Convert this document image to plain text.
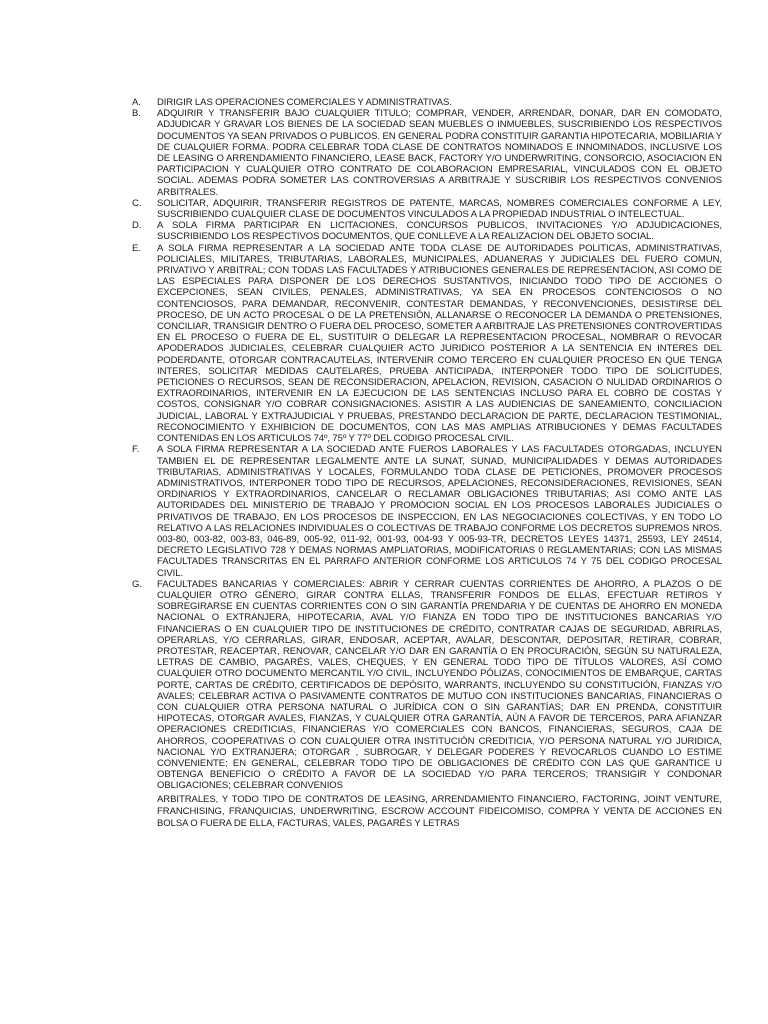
A. DIRIGIR LAS OPERACIONES COMERCIALES Y ADMINISTRATIVAS.
B. ADQUIRIR Y TRANSFERIR BAJO CUALQUIER TITULO; COMPRAR, VENDER, ARRENDAR, DONAR, DAR EN COMODATO, ADJUDICAR Y GRAVAR LOS BIENES DE LA SOCIEDAD SEAN MUEBLES O INMUEBLES, SUSCRIBIENDO LOS RESPECTIVOS DOCUMENTOS YA SEAN PRIVADOS O PUBLICOS. EN GENERAL PODRA CONSTITUIR GARANTIA HIPOTECARIA, MOBILIARIA Y DE CUALQUIER FORMA. PODRA CELEBRAR TODA CLASE DE CONTRATOS NOMINADOS E INNOMINADOS, INCLUSIVE LOS DE LEASING O ARRENDAMIENTO FINANCIERO, LEASE BACK, FACTORY Y/O UNDERWRITING, CONSORCIO, ASOCIACION EN PARTICIPACION Y CUALQUIER OTRO CONTRATO DE COLABORACION EMPRESARIAL, VINCULADOS CON EL OBJETO SOCIAL. ADEMAS PODRA SOMETER LAS CONTROVERSIAS A ARBITRAJE Y SUSCRIBIR LOS RESPECTIVOS CONVENIOS ARBITRALES.
C. SOLICITAR, ADQUIRIR, TRANSFERIR REGISTROS DE PATENTE, MARCAS, NOMBRES COMERCIALES CONFORME A LEY, SUSCRIBIENDO CUALQUIER CLASE DE DOCUMENTOS VINCULADOS A LA PROPIEDAD INDUSTRIAL O INTELECTUAL.
D. A SOLA FIRMA PARTICIPAR EN LICITACIONES, CONCURSOS PUBLICOS, INVITACIONES Y/O ADJUDICACIONES, SUSCRIBIENDO LOS RESPECTIVOS DOCUMENTOS, QUE CONLLEVE A LA REALIZACION DEL OBJETO SOCIAL.
E. A SOLA FIRMA REPRESENTAR A LA SOCIEDAD ANTE TODA CLASE DE AUTORIDADES POLITICAS, ADMINISTRATIVAS, POLICIALES, MILITARES, TRIBUTARIAS, LABORALES, MUNICIPALES, ADUANERAS Y JUDICIALES DEL FUERO COMUN, PRIVATIVO Y ARBITRAL; CON TODAS LAS FACULTADES Y ATRIBUCIONES GENERALES DE REPRESENTACION, ASI COMO DE LAS ESPECIALES PARA DISPONER DE LOS DERECHOS SUSTANTIVOS, INICIANDO TODO TIPO DE ACCIONES O EXCEPCIONES, SEAN CIVILES, PENALES, ADMINISTRATIVAS, YA SEA EN PROCESOS CONTENCIOSOS O NO CONTENCIOSOS, PARA DEMANDAR, RECONVENIR, CONTESTAR DEMANDAS, Y RECONVENCIONES, DESISTIRSE DEL PROCESO, DE UN ACTO PROCESAL O DE LA PRETENSIÓN, ALLANARSE O RECONOCER LA DEMANDA O PRETENSIONES, CONCILIAR, TRANSIGIR DENTRO O FUERA DEL PROCESO, SOMETER A ARBITRAJE LAS PRETENSIONES CONTROVERTIDAS EN EL PROCESO O FUERA DE EL, SUSTITUIR O DELEGAR LA REPRESENTACION PROCESAL, NOMBRAR O REVOCAR APODERADOS JUDICIALES, CELEBRAR CUALQUIER ACTO JURIDICO POSTERIOR A LA SENTENCIA EN INTERES DEL PODERDANTE, OTORGAR CONTRACAUTELAS, INTERVENIR COMO TERCERO EN CUALQUIER PROCESO EN QUE TENGA INTERES, SOLICITAR MEDIDAS CAUTELARES, PRUEBA ANTICIPADA, INTERPONER TODO TIPO DE SOLICITUDES, PETICIONES O RECURSOS, SEAN DE RECONSIDERACION, APELACION, REVISION, CASACION O NULIDAD ORDINARIOS O EXTRAORDINARIOS, INTERVENIR EN LA EJECUCION DE LAS SENTENCIAS INCLUSO PARA EL COBRO DE COSTAS Y COSTOS, CONSIGNAR Y/O COBRAR CONSIGNACIONES. ASISTIR A LAS AUDIENCIAS DE SANEAMIENTO, CONCILIACION JUDICIAL, LABORAL Y EXTRAJUDICIAL Y PRUEBAS, PRESTANDO DECLARACION DE PARTE, DECLARACION TESTIMONIAL, RECONOCIMIENTO Y EXHIBICION DE DOCUMENTOS, CON LAS MAS AMPLIAS ATRIBUCIONES Y DEMAS FACULTADES CONTENIDAS EN LOS ARTICULOS 74º, 75º Y 77º DEL CODIGO PROCESAL CIVIL.
F. A SOLA FIRMA REPRESENTAR A LA SOCIEDAD ANTE FUEROS LABORALES Y LAS FACULTADES OTORGADAS, INCLUYEN TAMBIEN EL DE REPRESENTAR LEGALMENTE ANTE LA SUNAT, SUNAD, MUNICIPALIDADES Y DEMAS AUTORIDADES TRIBUTARIAS, ADMINISTRATIVAS Y LOCALES, FORMULANDO TODA CLASE DE PETICIONES, PROMOVER PROCESOS ADMINISTRATIVOS, INTERPONER TODO TIPO DE RECURSOS, APELACIONES, RECONSIDERACIONES, REVISIONES, SEAN ORDINARIOS Y EXTRAORDINARIOS, CANCELAR O RECLAMAR OBLIGACIONES TRIBUTARIAS; ASI COMO ANTE LAS AUTORIDADES DEL MINISTERIO DE TRABAJO Y PROMOCION SOCIAL EN LOS PROCESOS LABORALES JUDICIALES O PRIVATIVOS DE TRABAJO, EN LOS PROCESOS DE INSPECCION, EN LAS NEGOCIACIONES COLECTIVAS, Y EN TODO LO RELATIVO A LAS RELACIONES INDIVIDUALES O COLECTIVAS DE TRABAJO CONFORME LOS DECRETOS SUPREMOS NROS. 003-80, 003-82, 003-83, 046-89, 005-92, 011-92, 001-93, 004-93 Y 005-93-TR, DECRETOS LEYES 14371, 25593, LEY 24514, DECRETO LEGISLATIVO 728 Y DEMAS NORMAS AMPLIATORIAS, MODIFICATORIAS 0 REGLAMENTARIAS; CON LAS MISMAS FACULTADES TRANSCRITAS EN EL PARRAFO ANTERIOR CONFORME LOS ARTICULOS 74 Y 75 DEL CODIGO PROCESAL CIVIL.
G. FACULTADES BANCARIAS Y COMERCIALES: ABRIR Y CERRAR CUENTAS CORRIENTES DE AHORRO, A PLAZOS O DE CUALQUIER OTRO GÉNERO, GIRAR CONTRA ELLAS, TRANSFERIR FONDOS DE ELLAS, EFECTUAR RETIROS Y SOBREGIRARSE EN CUENTAS CORRIENTES CON O SIN GARANTÍA PRENDARIA Y DE CUENTAS DE AHORRO EN MONEDA NACIONAL O EXTRANJERA, HIPOTECARIA, AVAL Y/O FIANZA EN TODO TIPO DE INSTITUCIONES BANCARIAS Y/O FINANCIERAS O EN CUALQUIER TIPO DE INSTITUCIONES DE CRÉDITO, CONTRATAR CAJAS DE SEGURIDAD, ABRIRLAS, OPERARLAS, Y/O CERRARLAS, GIRAR, ENDOSAR, ACEPTAR, AVALAR, DESCONTAR, DEPOSITAR, RETIRAR, COBRAR, PROTESTAR, REACEPTAR, RENOVAR, CANCELAR Y/O DAR EN GARANTÍA O EN PROCURACIÓN, SEGÚN SU NATURALEZA, LETRAS DE CAMBIO, PAGARÉS, VALES, CHEQUES, Y EN GENERAL TODO TIPO DE TÍTULOS VALORES, ASÍ COMO CUALQUIER OTRO DOCUMENTO MERCANTIL Y/O CIVIL, INCLUYENDO PÓLIZAS, CONOCIMIENTOS DE EMBARQUE, CARTAS PORTE, CARTAS DE CRÉDITO, CERTIFICADOS DE DEPÓSITO, WARRANTS, INCLUYENDO SU CONSTITUCIÓN, FIANZAS Y/O AVALES; CELEBRAR ACTIVA O PASIVAMENTE CONTRATOS DE MUTUO CON INSTITUCIONES BANCARIAS, FINANCIERAS O CON CUALQUIER OTRA PERSONA NATURAL O JURÍDICA CON O SIN GARANTÍAS; DAR EN PRENDA, CONSTITUIR HIPOTECAS, OTORGAR AVALES, FIANZAS, Y CUALQUIER OTRA GARANTÍA, AÚN A FAVOR DE TERCEROS, PARA AFIANZAR OPERACIONES CREDITICIAS, FINANCIERAS Y/O COMERCIALES CON BANCOS, FINANCIERAS, SEGUROS, CAJA DE AHORROS, COOPERATIVAS O CON CUALQUIER OTRA INSTITUCIÓN CREDITICIA, Y/O PERSONA NATURAL Y/O JURIDICA, NACIONAL Y/O EXTRANJERA; OTORGAR , SUBROGAR, Y DELEGAR PODERES Y REVOCARLOS CUANDO LO ESTIME CONVENIENTE; EN GENERAL, CELEBRAR TODO TIPO DE OBLIGACIONES DE CRÉDITO CON LAS QUE GARANTICE U OBTENGA BENEFICIO O CRÉDITO A FAVOR DE LA SOCIEDAD Y/O PARA TERCEROS; TRANSIGIR Y CONDONAR OBLIGACIONES; CELEBRAR CONVENIOS
ARBITRALES, Y TODO TIPO DE CONTRATOS DE LEASING, ARRENDAMIENTO FINANCIERO, FACTORING, JOINT VENTURE, FRANCHISING, FRANQUICIAS, UNDERWRITING, ESCROW ACCOUNT FIDEICOMISO, COMPRA Y VENTA DE ACCIONES EN BOLSA O FUERA DE ELLA, FACTURAS, VALES, PAGARÉS Y LETRAS
